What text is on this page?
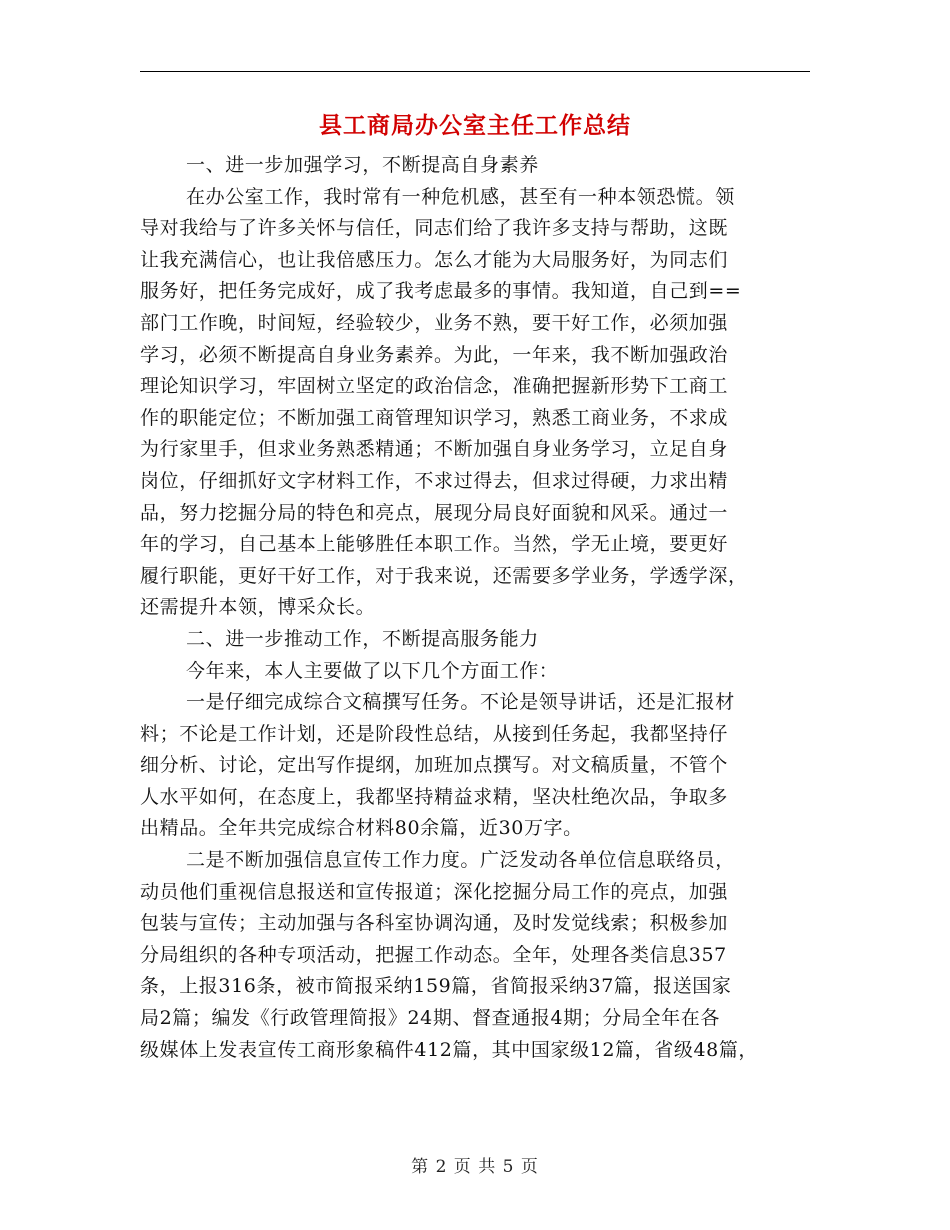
县工商局办公室主任工作总结
一、进一步加强学习，不断提高自身素养
在办公室工作，我时常有一种危机感，甚至有一种本领恐慌。领
导对我给与了许多关怀与信任，同志们给了我许多支持与帮助，这既
让我充满信心，也让我倍感压力。怎么才能为大局服务好，为同志们
服务好，把任务完成好，成了我考虑最多的事情。我知道，自己到==
部门工作晚，时间短，经验较少，业务不熟，要干好工作，必须加强
学习，必须不断提高自身业务素养。为此，一年来，我不断加强政治
理论知识学习，牢固树立坚定的政治信念，准确把握新形势下工商工
作的职能定位；不断加强工商管理知识学习，熟悉工商业务，不求成
为行家里手，但求业务熟悉精通；不断加强自身业务学习，立足自身
岗位，仔细抓好文字材料工作，不求过得去，但求过得硬，力求出精
品，努力挖掘分局的特色和亮点，展现分局良好面貌和风采。通过一
年的学习，自己基本上能够胜任本职工作。当然，学无止境，要更好
履行职能，更好干好工作，对于我来说，还需要多学业务，学透学深，
还需提升本领，博采众长。
二、进一步推动工作，不断提高服务能力
今年来，本人主要做了以下几个方面工作：
一是仔细完成综合文稿撰写任务。不论是领导讲话，还是汇报材
料；不论是工作计划，还是阶段性总结，从接到任务起，我都坚持仔
细分析、讨论，定出写作提纲，加班加点撰写。对文稿质量，不管个
人水平如何，在态度上，我都坚持精益求精，坚决杜绝次品，争取多
出精品。全年共完成综合材料80余篇，近30万字。
二是不断加强信息宣传工作力度。广泛发动各单位信息联络员，
动员他们重视信息报送和宣传报道；深化挖掘分局工作的亮点，加强
包装与宣传；主动加强与各科室协调沟通，及时发觉线索；积极参加
分局组织的各种专项活动，把握工作动态。全年，处理各类信息357
条，上报316条，被市简报采纳159篇，省简报采纳37篇，报送国家
局2篇；编发《行政管理简报》24期、督查通报4期；分局全年在各
级媒体上发表宣传工商形象稿件412篇，其中国家级12篇，省级48篇，
第 2 页 共 5 页
